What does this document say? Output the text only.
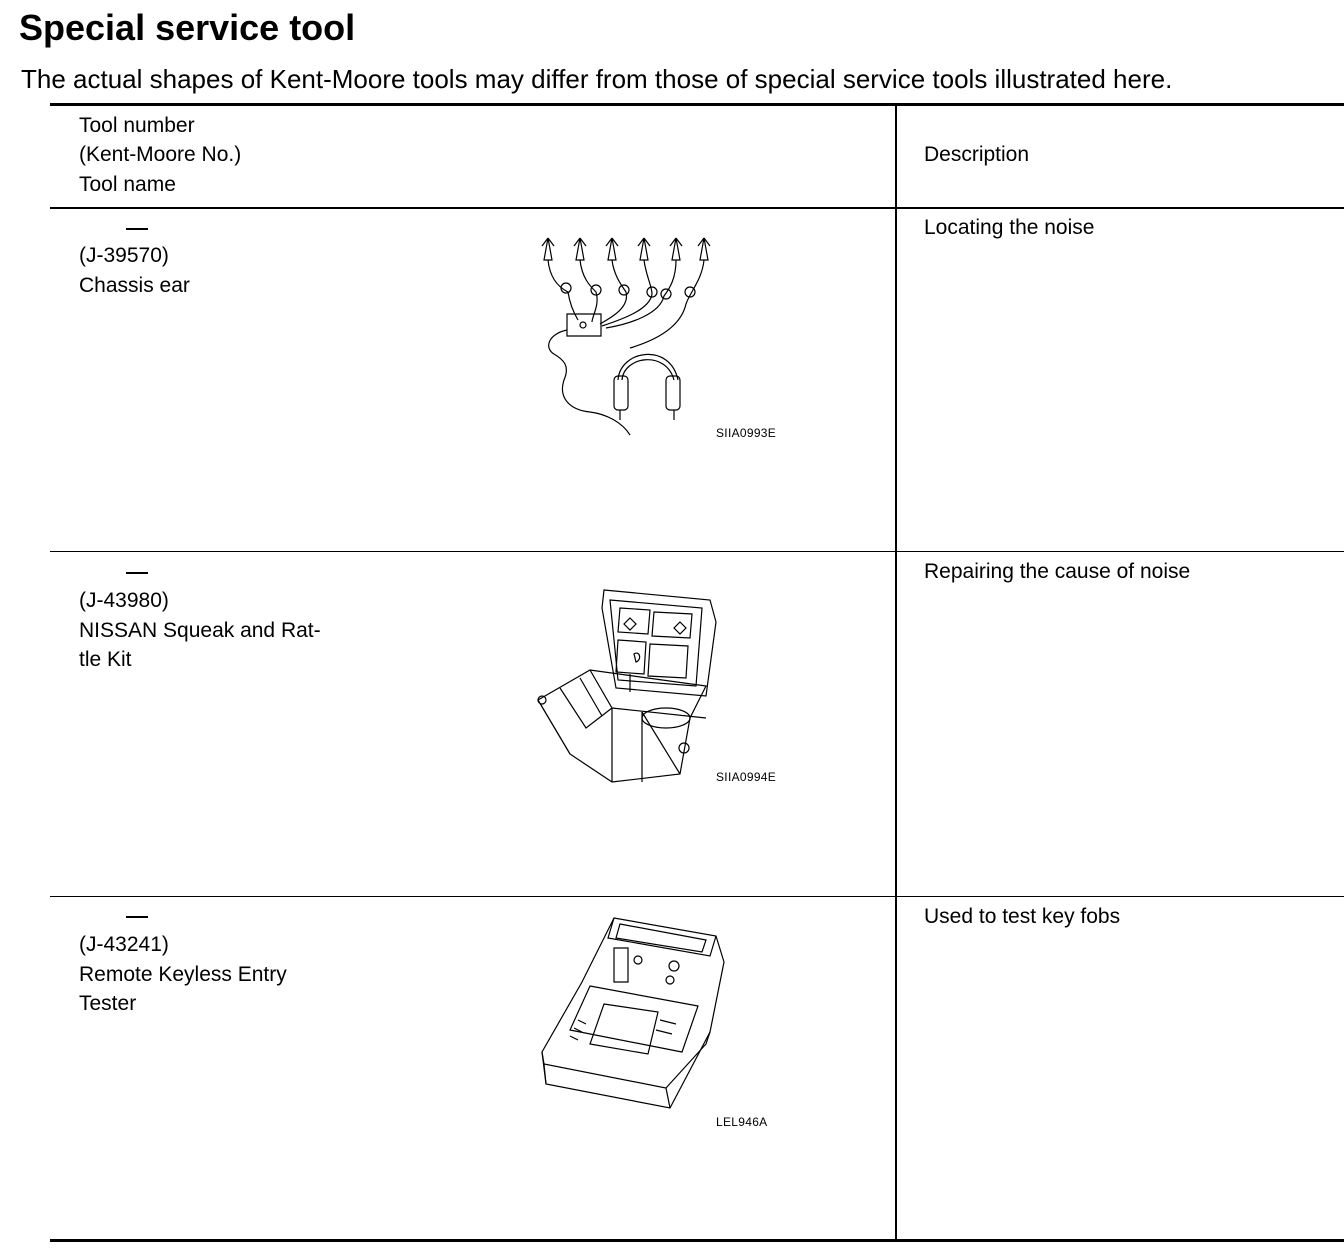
Special service tool
The actual shapes of Kent-Moore tools may differ from those of special service tools illustrated here.
Tool number
(Kent-Moore No.)
Tool name
Description
(J-39570)
Chassis ear
SIIA0993E
Locating the noise
(J-43980)
NISSAN Squeak and Rat-
tle Kit
SIIA0994E
Repairing the cause of noise
(J-43241)
Remote Keyless Entry
Tester
LEL946A
Used to test key fobs
